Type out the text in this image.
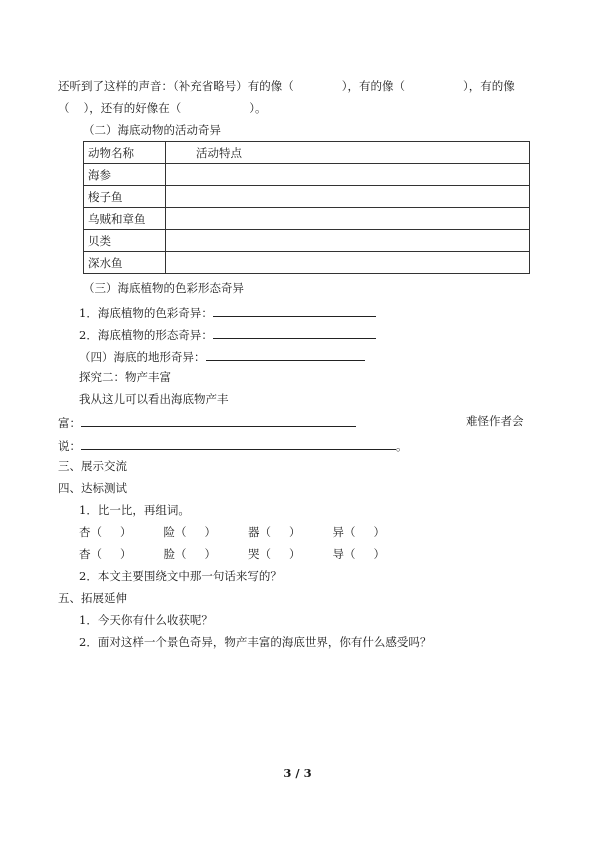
还听到了这样的声音：（补充省略号）有的像（	），有的像（	），有的像
（ ），还有的好像在（	）。
（二）海底动物的活动奇异
动物名称	活动特点
海参	
梭子鱼	
乌贼和章鱼	
贝类	
深水鱼	
（三）海底植物的色彩形态奇异
1．海底植物的色彩奇异：
2．海底植物的形态奇异：
（四）海底的地形奇异：
探究二：物产丰富
我从这儿可以看出海底物产丰
富：	难怪作者会
说：	。
三、展示交流
四、达标测试
1．比一比，再组词。
杏（ ）	险（ ）	器（ ）	异（ ）
杳（ ）	脸（ ）	哭（ ）	导（ ）
2．本文主要围绕文中那一句话来写的？
五、拓展延伸
1．今天你有什么收获呢？
2．面对这样一个景色奇异，物产丰富的海底世界，你有什么感受吗？
3 / 3
